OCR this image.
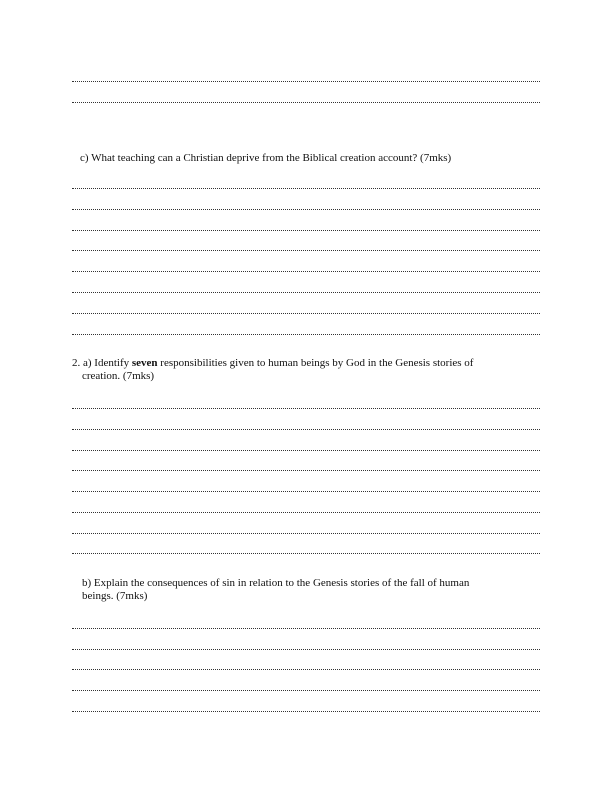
c) What teaching can a Christian deprive from the Biblical creation account? (7mks)
2. a) Identify seven responsibilities given to human beings by God in the Genesis stories of
creation. (7mks)
b) Explain the consequences of sin in relation to the Genesis stories of the fall of human
beings. (7mks)
